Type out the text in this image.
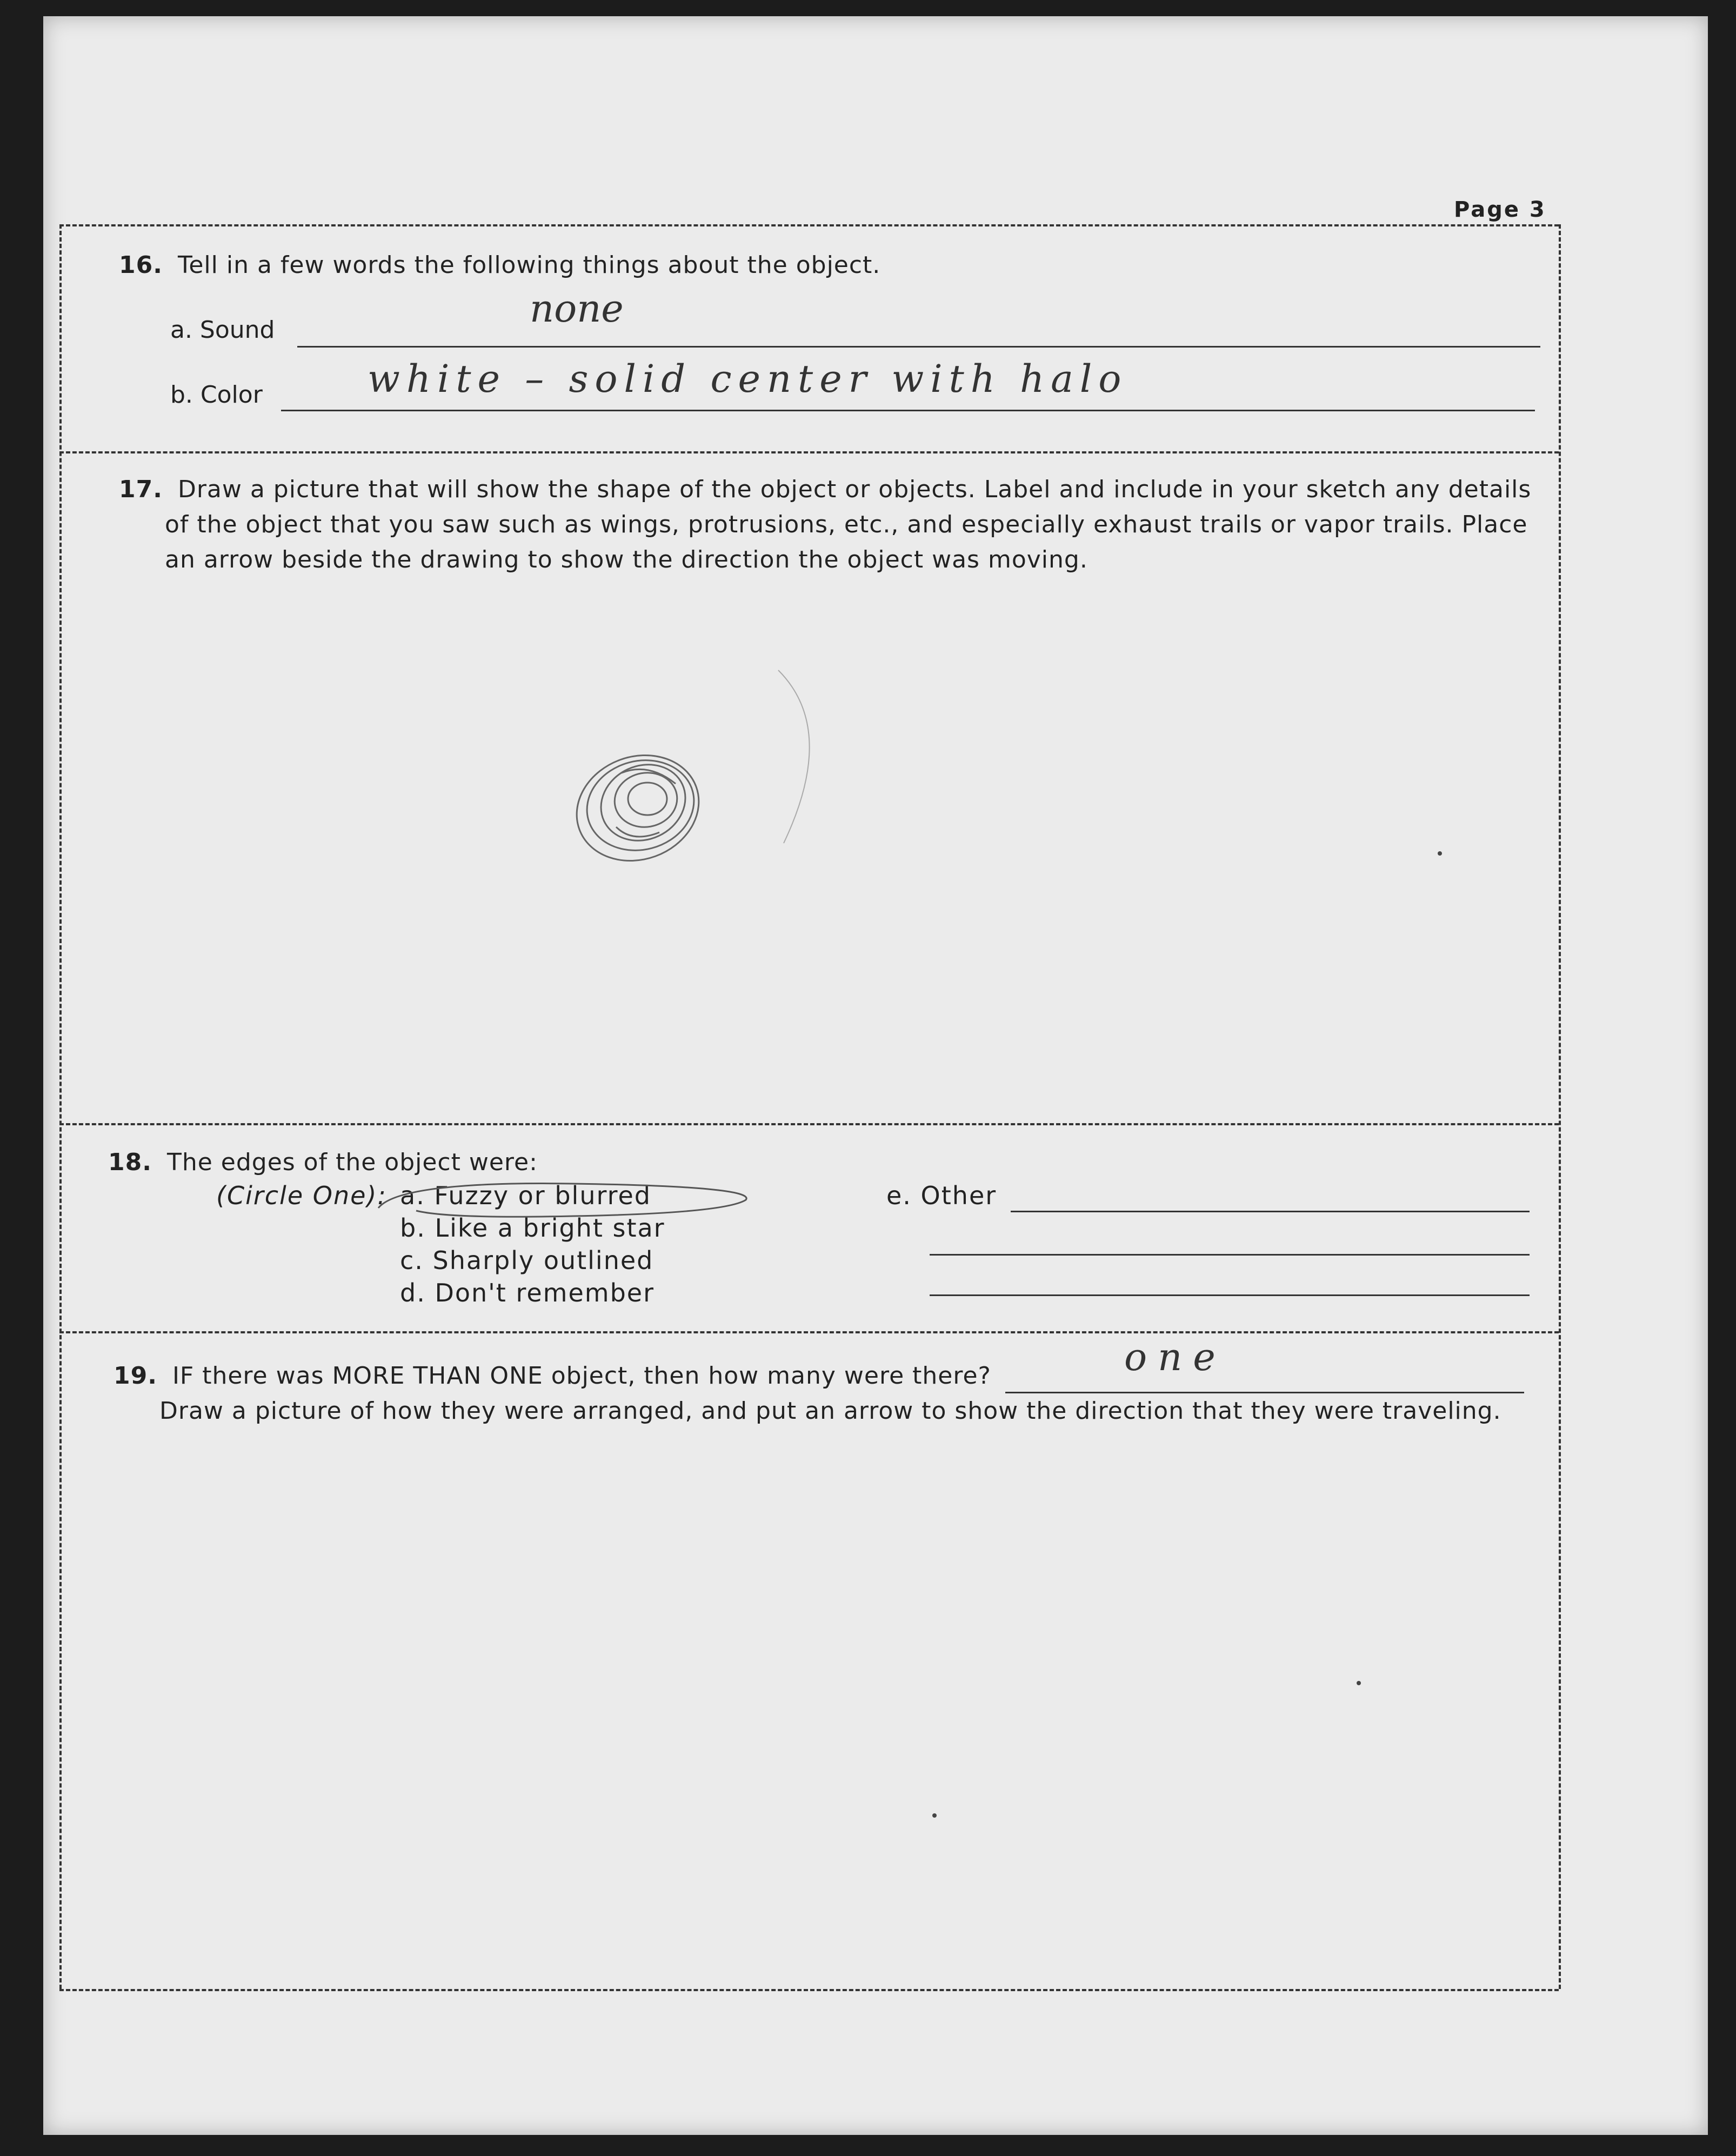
Page 3
16. Tell in a few words the following things about the object.
a. Sound	none
b. Color	white – solid center with halo
17. Draw a picture that will show the shape of the object or objects. Label and include in your sketch any details
of the object that you saw such as wings, protrusions, etc., and especially exhaust trails or vapor trails. Place
an arrow beside the drawing to show the direction the object was moving.
18. The edges of the object were:
(Circle One): a. Fuzzy or blurred
b. Like a bright star
c. Sharply outlined
d. Don't remember
e. Other
19. IF there was MORE THAN ONE object, then how many were there?	one
Draw a picture of how they were arranged, and put an arrow to show the direction that they were traveling.
